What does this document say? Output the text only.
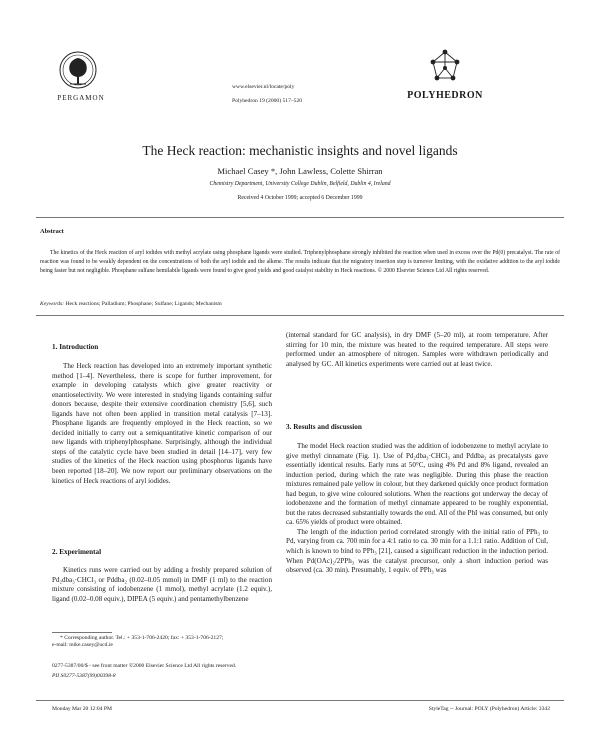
PERGAMON
www.elsevier.nl/locate/poly
Polyhedron 19 (2000) 517–520	POLYHEDRON
The Heck reaction: mechanistic insights and novel ligands
Michael Casey *, John Lawless, Colette Shirran
Chemistry Department, University College Dublin, Belfield, Dublin 4, Ireland
Received 4 October 1999; accepted 6 December 1999
Abstract
The kinetics of the Heck reaction of aryl iodides with methyl acrylate using phosphane ligands were studied. Triphenylphosphane strongly inhibited the reaction when used in excess over the Pd(0) precatalyst. The rate of reaction was found to be weakly dependent on the concentrations of both the aryl iodide and the alkene. The results indicate that the migratory insertion step is turnover limiting, with the oxidative addition to the aryl iodide being faster but not negligible. Phosphane sulfane hemilabile ligands were found to give good yields and good catalyst stability in Heck reactions. © 2000 Elsevier Science Ltd All rights reserved.
Keywords: Heck reactions; Palladium; Phosphane; Sulfane; Ligands; Mechanism
1. Introduction

The Heck reaction has developed into an extremely important synthetic method [1–4]. Nevertheless, there is scope for further improvement, for example in developing catalysts which give greater reactivity or enantioselectivity. We were interested in studying ligands containing sulfur donors because, despite their extensive coordination chemistry [5,6], such ligands have not often been applied in transition metal catalysis [7–13]. Phosphane ligands are frequently employed in the Heck reaction, so we decided initially to carry out a semiquantitative kinetic comparison of our new ligands with triphenylphosphane. Surprisingly, although the individual steps of the catalytic cycle have been studied in detail [14–17], very few studies of the kinetics of the Heck reaction using phosphorus ligands have been reported [18–20]. We now report our preliminary observations on the kinetics of Heck reactions of aryl iodides.

2. Experimental

Kinetics runs were carried out by adding a freshly prepared solution of Pd₂dba₃·CHCl₃ or Pddba₂ (0.02–0.05 mmol) in DMF (1 ml) to the reaction mixture consisting of iodobenzene (1 mmol), methyl acrylate (1.2 equiv.), ligand (0.02–0.08 equiv.), DIPEA (5 equiv.) and pentamethylbenzene

* Corresponding author. Tel.: + 353-1-706-2420; fax: + 353-1-706-2127;
e-mail: mike.casey@ucd.ie

(internal standard for GC analysis), in dry DMF (5–20 ml), at room temperature. After stirring for 10 min, the mixture was heated to the required temperature. All steps were performed under an atmosphere of nitrogen. Samples were withdrawn periodically and analysed by GC. All kinetics experiments were carried out at least twice.

3. Results and discussion

The model Heck reaction studied was the addition of iodobenzene to methyl acrylate to give methyl cinnamate (Fig. 1). Use of Pd₂dba₃·CHCl₃ and Pddba₂ as precatalysts gave essentially identical results. Early runs at 50°C, using 4% Pd and 8% ligand, revealed an induction period, during which the rate was negligible. During this phase the reaction mixtures remained pale yellow in colour, but they darkened quickly once product formation had begun, to give wine coloured solutions. When the reactions got underway the decay of iodobenzene and the formation of methyl cinnamate appeared to be roughly exponential, but the rates decreased substantially towards the end. All of the PhI was consumed, but only ca. 65% yields of product were obtained.

The length of the induction period correlated strongly with the initial ratio of PPh₃ to Pd, varying from ca. 700 min for a 4:1 ratio to ca. 30 min for a 1.1:1 ratio. Addition of CuI, which is known to bind to PPh₃ [21], caused a significant reduction in the induction period. When Pd(OAc)₂/2PPh₃ was the catalyst precursor, only a short induction period was observed (ca. 30 min). Presumably, 1 equiv. of PPh₃ was

0277-5387/00/$ - see front matter ©2000 Elsevier Science Ltd All rights reserved.
PII S0277-5387(99)00398-8
Monday Mar 20 12:04 PM	StyleTag -- Journal: POLY (Polyhedron) Article: 3342
